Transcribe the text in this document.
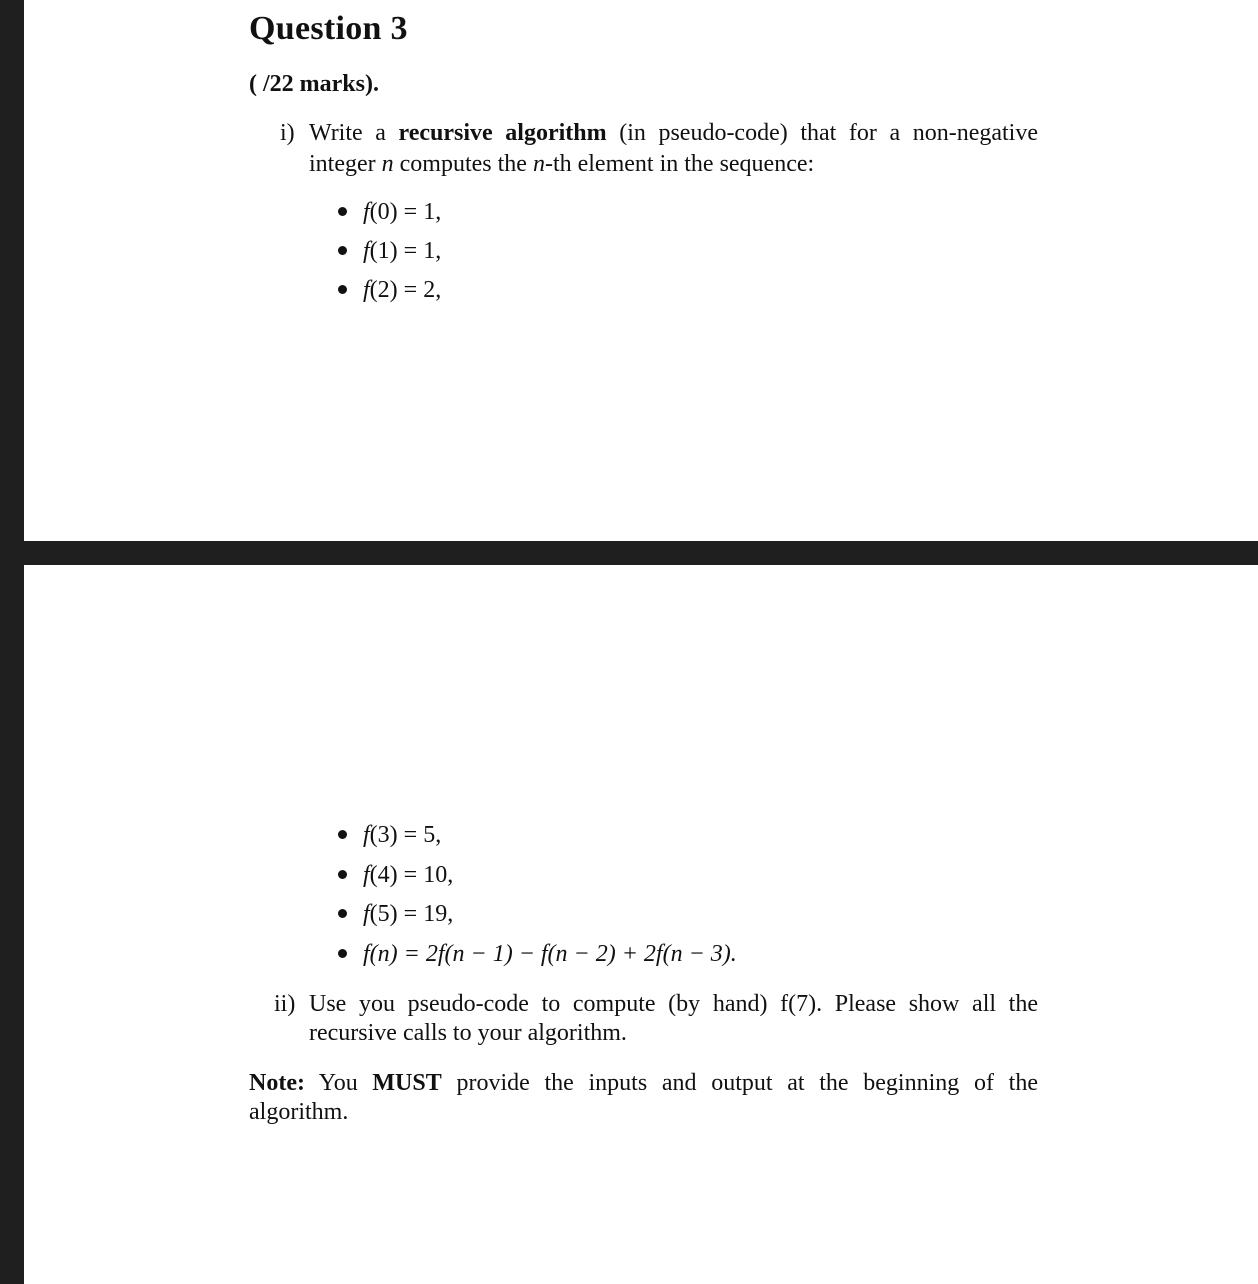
Question 3
( /22 marks).
i) Write a recursive algorithm (in pseudo-code) that for a non-negative
integer n computes the n-th element in the sequence:
f(0) = 1,
f(1) = 1,
f(2) = 2,
f(3) = 5,
f(4) = 10,
f(5) = 19,
f(n) = 2f(n − 1) − f(n − 2) + 2f(n − 3).
ii) Use you pseudo-code to compute (by hand) f(7). Please show all the
recursive calls to your algorithm.
Note: You MUST provide the inputs and output at the beginning of the
algorithm.
